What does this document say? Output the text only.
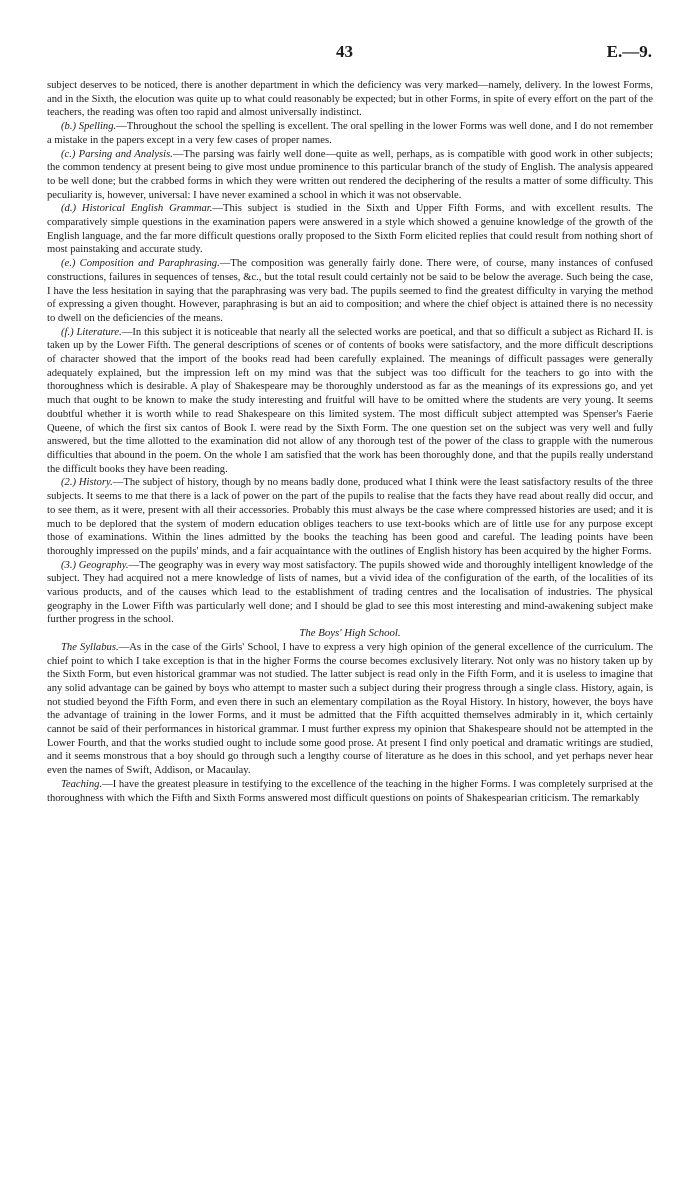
43	E.—9.

subject deserves to be noticed, there is another department in which the deficiency was very marked—namely, delivery. In the lowest Forms, and in the Sixth, the elocution was quite up to what could reasonably be expected; but in other Forms, in spite of every effort on the part of the teachers, the reading was often too rapid and almost universally indistinct.

(b.) Spelling.—Throughout the school the spelling is excellent. The oral spelling in the lower Forms was well done, and I do not remember a mistake in the papers except in a very few cases of proper names.

(c.) Parsing and Analysis.—The parsing was fairly well done—quite as well, perhaps, as is compatible with good work in other subjects; the common tendency at present being to give most undue prominence to this particular branch of the study of English. The analysis appeared to be well done; but the crabbed forms in which they were written out rendered the deciphering of the results a matter of some difficulty. This peculiarity is, however, universal: I have never examined a school in which it was not observable.

(d.) Historical English Grammar.—This subject is studied in the Sixth and Upper Fifth Forms, and with excellent results. The comparatively simple questions in the examination papers were answered in a style which showed a genuine knowledge of the growth of the English language, and the far more difficult questions orally proposed to the Sixth Form elicited replies that could result from nothing short of most painstaking and accurate study.

(e.) Composition and Paraphrasing.—The composition was generally fairly done. There were, of course, many instances of confused constructions, failures in sequences of tenses, &c., but the total result could certainly not be said to be below the average. Such being the case, I have the less hesitation in saying that the paraphrasing was very bad. The pupils seemed to find the greatest difficulty in varying the method of expressing a given thought. However, paraphrasing is but an aid to composition; and where the chief object is attained there is no necessity to dwell on the deficiencies of the means.

(f.) Literature.—In this subject it is noticeable that nearly all the selected works are poetical, and that so difficult a subject as Richard II. is taken up by the Lower Fifth. The general descriptions of scenes or of contents of books were satisfactory, and the more difficult descriptions of character showed that the import of the books read had been carefully explained. The meanings of difficult passages were generally adequately explained, but the impression left on my mind was that the subject was too difficult for the teachers to go into with the thoroughness which is desirable. A play of Shakespeare may be thoroughly understood as far as the meanings of its expressions go, and yet much that ought to be known to make the study interesting and fruitful will have to be omitted where the students are very young. It seems doubtful whether it is worth while to read Shakespeare on this limited system. The most difficult subject attempted was Spenser's Faerie Queene, of which the first six cantos of Book I. were read by the Sixth Form. The one question set on the subject was very well and fully answered, but the time allotted to the examination did not allow of any thorough test of the power of the class to grapple with the numerous difficulties that abound in the poem. On the whole I am satisfied that the work has been thoroughly done, and that the pupils really understand the difficult books they have been reading.

(2.) History.—The subject of history, though by no means badly done, produced what I think were the least satisfactory results of the three subjects. It seems to me that there is a lack of power on the part of the pupils to realise that the facts they have read about really did occur, and to see them, as it were, present with all their accessories. Probably this must always be the case where compressed histories are used; and it is much to be deplored that the system of modern education obliges teachers to use text-books which are of little use for any purpose except those of examinations. Within the lines admitted by the books the teaching has been good and careful. The leading points have been thoroughly impressed on the pupils' minds, and a fair acquaintance with the outlines of English history has been acquired by the higher Forms.

(3.) Geography.—The geography was in every way most satisfactory. The pupils showed wide and thoroughly intelligent knowledge of the subject. They had acquired not a mere knowledge of lists of names, but a vivid idea of the configuration of the earth, of the localities of its various products, and of the causes which lead to the establishment of trading centres and the localisation of industries. The physical geography in the Lower Fifth was particularly well done; and I should be glad to see this most interesting and mind-awakening subject make further progress in the school.

The Boys' High School.

The Syllabus.—As in the case of the Girls' School, I have to express a very high opinion of the general excellence of the curriculum. The chief point to which I take exception is that in the higher Forms the course becomes exclusively literary. Not only was no history taken up by the Sixth Form, but even historical grammar was not studied. The latter subject is read only in the Fifth Form, and it is useless to imagine that any solid advantage can be gained by boys who attempt to master such a subject during their progress through a single class. History, again, is not studied beyond the Fifth Form, and even there in such an elementary compilation as the Royal History. In history, however, the boys have the advantage of training in the lower Forms, and it must be admitted that the Fifth acquitted themselves admirably in it, which certainly cannot be said of their performances in historical grammar. I must further express my opinion that Shakespeare should not be attempted in the Lower Fourth, and that the works studied ought to include some good prose. At present I find only poetical and dramatic writings are studied, and it seems monstrous that a boy should go through such a lengthy course of literature as he does in this school, and yet perhaps never hear even the names of Swift, Addison, or Macaulay.

Teaching.—I have the greatest pleasure in testifying to the excellence of the teaching in the higher Forms. I was completely surprised at the thoroughness with which the Fifth and Sixth Forms answered most difficult questions on points of Shakespearian criticism. The remarkably
